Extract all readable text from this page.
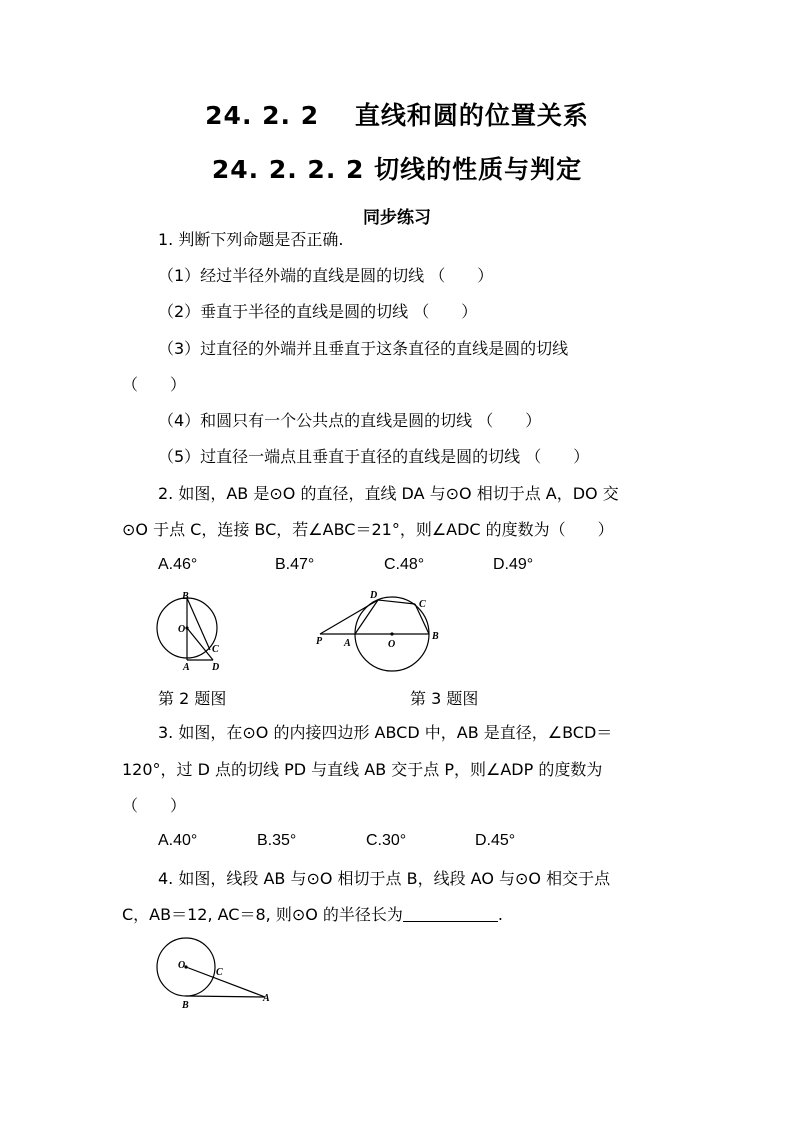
24. 2. 2　 直线和圆的位置关系
24. 2. 2. 2 切线的性质与判定
同步练习
1. 判断下列命题是否正确.
（1）经过半径外端的直线是圆的切线 （　　）
（2）垂直于半径的直线是圆的切线 （　　）
（3）过直径的外端并且垂直于这条直径的直线是圆的切线
（　　）
（4）和圆只有一个公共点的直线是圆的切线 （　　）
（5）过直径一端点且垂直于直径的直线是圆的切线 （　　）
2. 如图，AB 是⊙O 的直径，直线 DA 与⊙O 相切于点 A，DO 交
⊙O 于点 C，连接 BC，若∠ABC＝21°，则∠ADC 的度数为（　　）
A.46°	B.47°	C.48°	D.49°
B
O
C
A D
D
C
P A	O
B
第 2 题图	第 3 题图
3. 如图，在⊙O 的内接四边形 ABCD 中，AB 是直径，∠BCD＝
120°，过 D 点的切线 PD 与直线 AB 交于点 P，则∠ADP 的度数为
（　　）
A.40°	B.35°	C.30°	D.45°
4. 如图，线段 AB 与⊙O 相切于点 B，线段 AO 与⊙O 相交于点
C，AB＝12, AC＝8, 则⊙O 的半径长为	.
O
C
B
A
